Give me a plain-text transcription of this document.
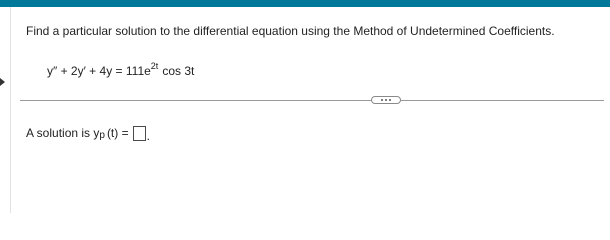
Find a particular solution to the differential equation using the Method of Undetermined Coefficients.
$y'' + 2y' + 4y = 111e^{2t}$ cos 3t
A solution is y p (t) = .
